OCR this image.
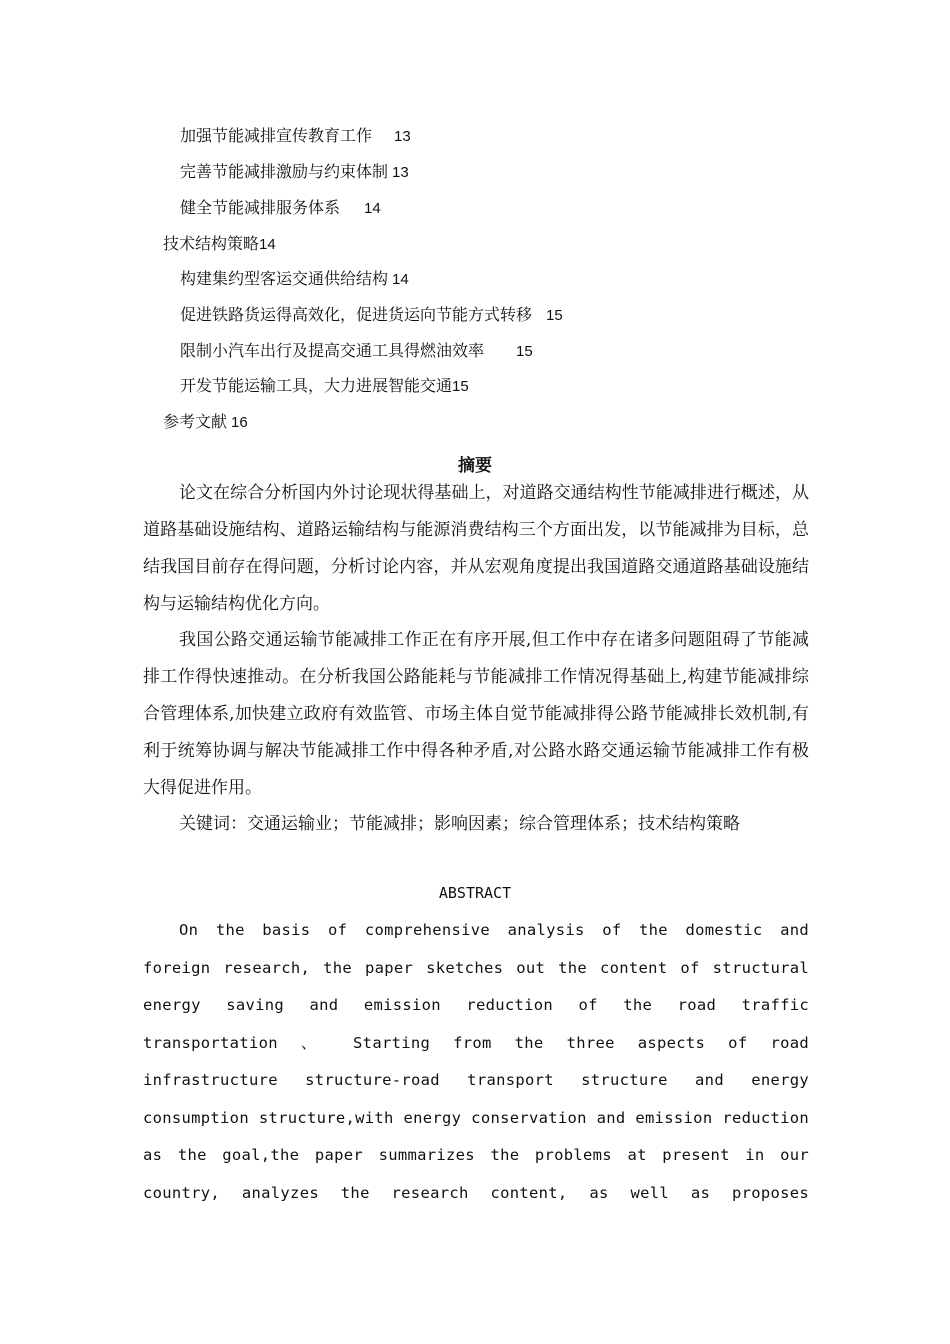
加强节能减排宣传教育工作 13
完善节能减排激励与约束体制 13
健全节能减排服务体系 14
技术结构策略14
构建集约型客运交通供给结构 14
促进铁路货运得高效化，促进货运向节能方式转移 15
限制小汽车出行及提高交通工具得燃油效率 15
开发节能运输工具，大力进展智能交通15
参考文献 16
摘要
论文在综合分析国内外讨论现状得基础上，对道路交通结构性节能减排进行概述，从道路基础设施结构、道路运输结构与能源消费结构三个方面出发，以节能减排为目标，总结我国目前存在得问题，分析讨论内容，并从宏观角度提出我国道路交通道路基础设施结构与运输结构优化方向。
我国公路交通运输节能减排工作正在有序开展,但工作中存在诸多问题阻碍了节能减排工作得快速推动。在分析我国公路能耗与节能减排工作情况得基础上,构建节能减排综合管理体系,加快建立政府有效监管、市场主体自觉节能减排得公路节能减排长效机制,有利于统筹协调与解决节能减排工作中得各种矛盾,对公路水路交通运输节能减排工作有极大得促进作用。
关键词：交通运输业；节能减排；影响因素；综合管理体系；技术结构策略
ABSTRACT
On the basis of comprehensive analysis of the domestic and foreign research, the paper sketches out the content of structural energy saving and emission reduction of the road traffic transportation 、 Starting from the three aspects of road infrastructure structure-road transport structure and energy consumption structure,with energy conservation and emission reduction as the goal,the paper summarizes the problems at present in our country, analyzes the research content, as well as proposes
